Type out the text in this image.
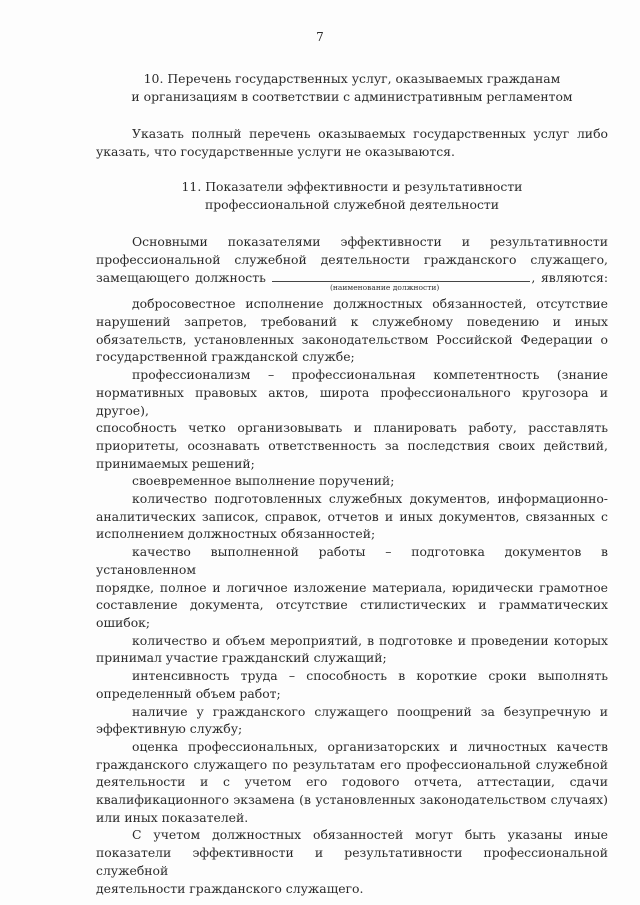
7

10. Перечень государственных услуг, оказываемых гражданам

и организациям в соответствии с административным регламентом

Указать полный перечень оказываемых государственных услуг либо

указать, что государственные услуги не оказываются.

11. Показатели эффективности и результативности

профессиональной служебной деятельности

Основными показателями эффективности и результативности

профессиональной служебной деятельности гражданского служащего,

замещающего должность	, являются:

(наименование должности)

добросовестное исполнение должностных обязанностей, отсутствие

нарушений запретов, требований к служебному поведению и иных

обязательств, установленных законодательством Российской Федерации о

государственной гражданской службе;

профессионализм – профессиональная компетентность (знание

нормативных правовых актов, широта профессионального кругозора и другое),

способность четко организовывать и планировать работу, расставлять

приоритеты, осознавать ответственность за последствия своих действий,

принимаемых решений;

своевременное выполнение поручений;

количество подготовленных служебных документов, информационно-

аналитических записок, справок, отчетов и иных документов, связанных с

исполнением должностных обязанностей;

качество выполненной работы – подготовка документов в установленном

порядке, полное и логичное изложение материала, юридически грамотное

составление документа, отсутствие стилистических и грамматических ошибок;

количество и объем мероприятий, в подготовке и проведении которых

принимал участие гражданский служащий;

интенсивность труда – способность в короткие сроки выполнять

определенный объем работ;

наличие у гражданского служащего поощрений за безупречную и

эффективную службу;

оценка профессиональных, организаторских и личностных качеств

гражданского служащего по результатам его профессиональной служебной

деятельности и с учетом его годового отчета, аттестации, сдачи

квалификационного экзамена (в установленных законодательством случаях)

или иных показателей.

С учетом должностных обязанностей могут быть указаны иные

показатели эффективности и результативности профессиональной служебной

деятельности гражданского служащего.
